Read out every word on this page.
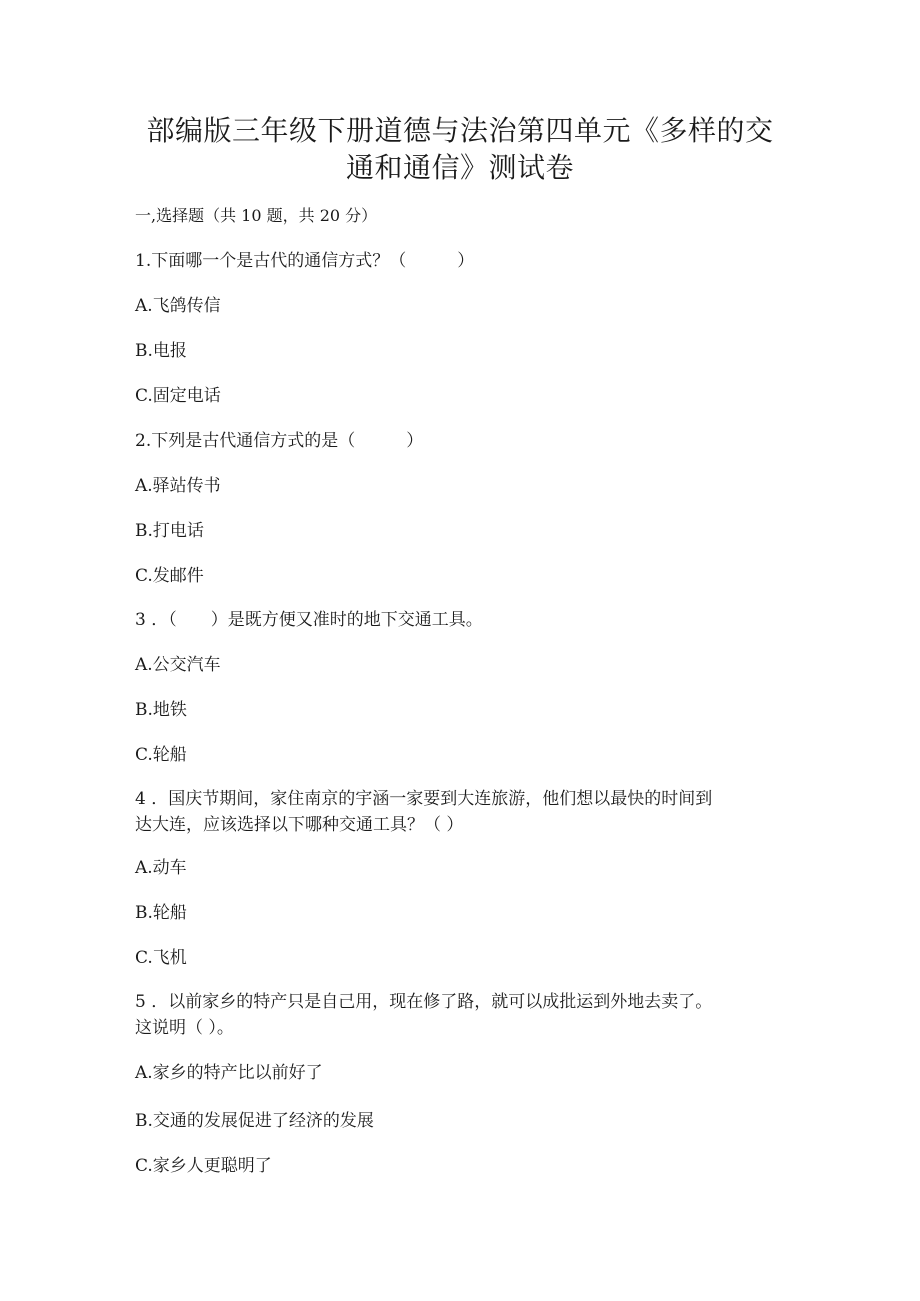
部编版三年级下册道德与法治第四单元《多样的交
通和通信》测试卷
一,选择题（共 10 题，共 20 分）
1.下面哪一个是古代的通信方式？（　　　）
A.飞鸽传信
B.电报
C.固定电话
2.下列是古代通信方式的是（　　　）
A.驿站传书
B.打电话
C.发邮件
3 ．（　　）是既方便又准时的地下交通工具。
A.公交汽车
B.地铁
C.轮船
4 ．国庆节期间，家住南京的宇涵一家要到大连旅游，他们想以最快的时间到
达大连，应该选择以下哪种交通工具？（ ）
A.动车
B.轮船
C.飞机
5 ．以前家乡的特产只是自己用，现在修了路，就可以成批运到外地去卖了。
这说明（ ）。
A.家乡的特产比以前好了
B.交通的发展促进了经济的发展
C.家乡人更聪明了
